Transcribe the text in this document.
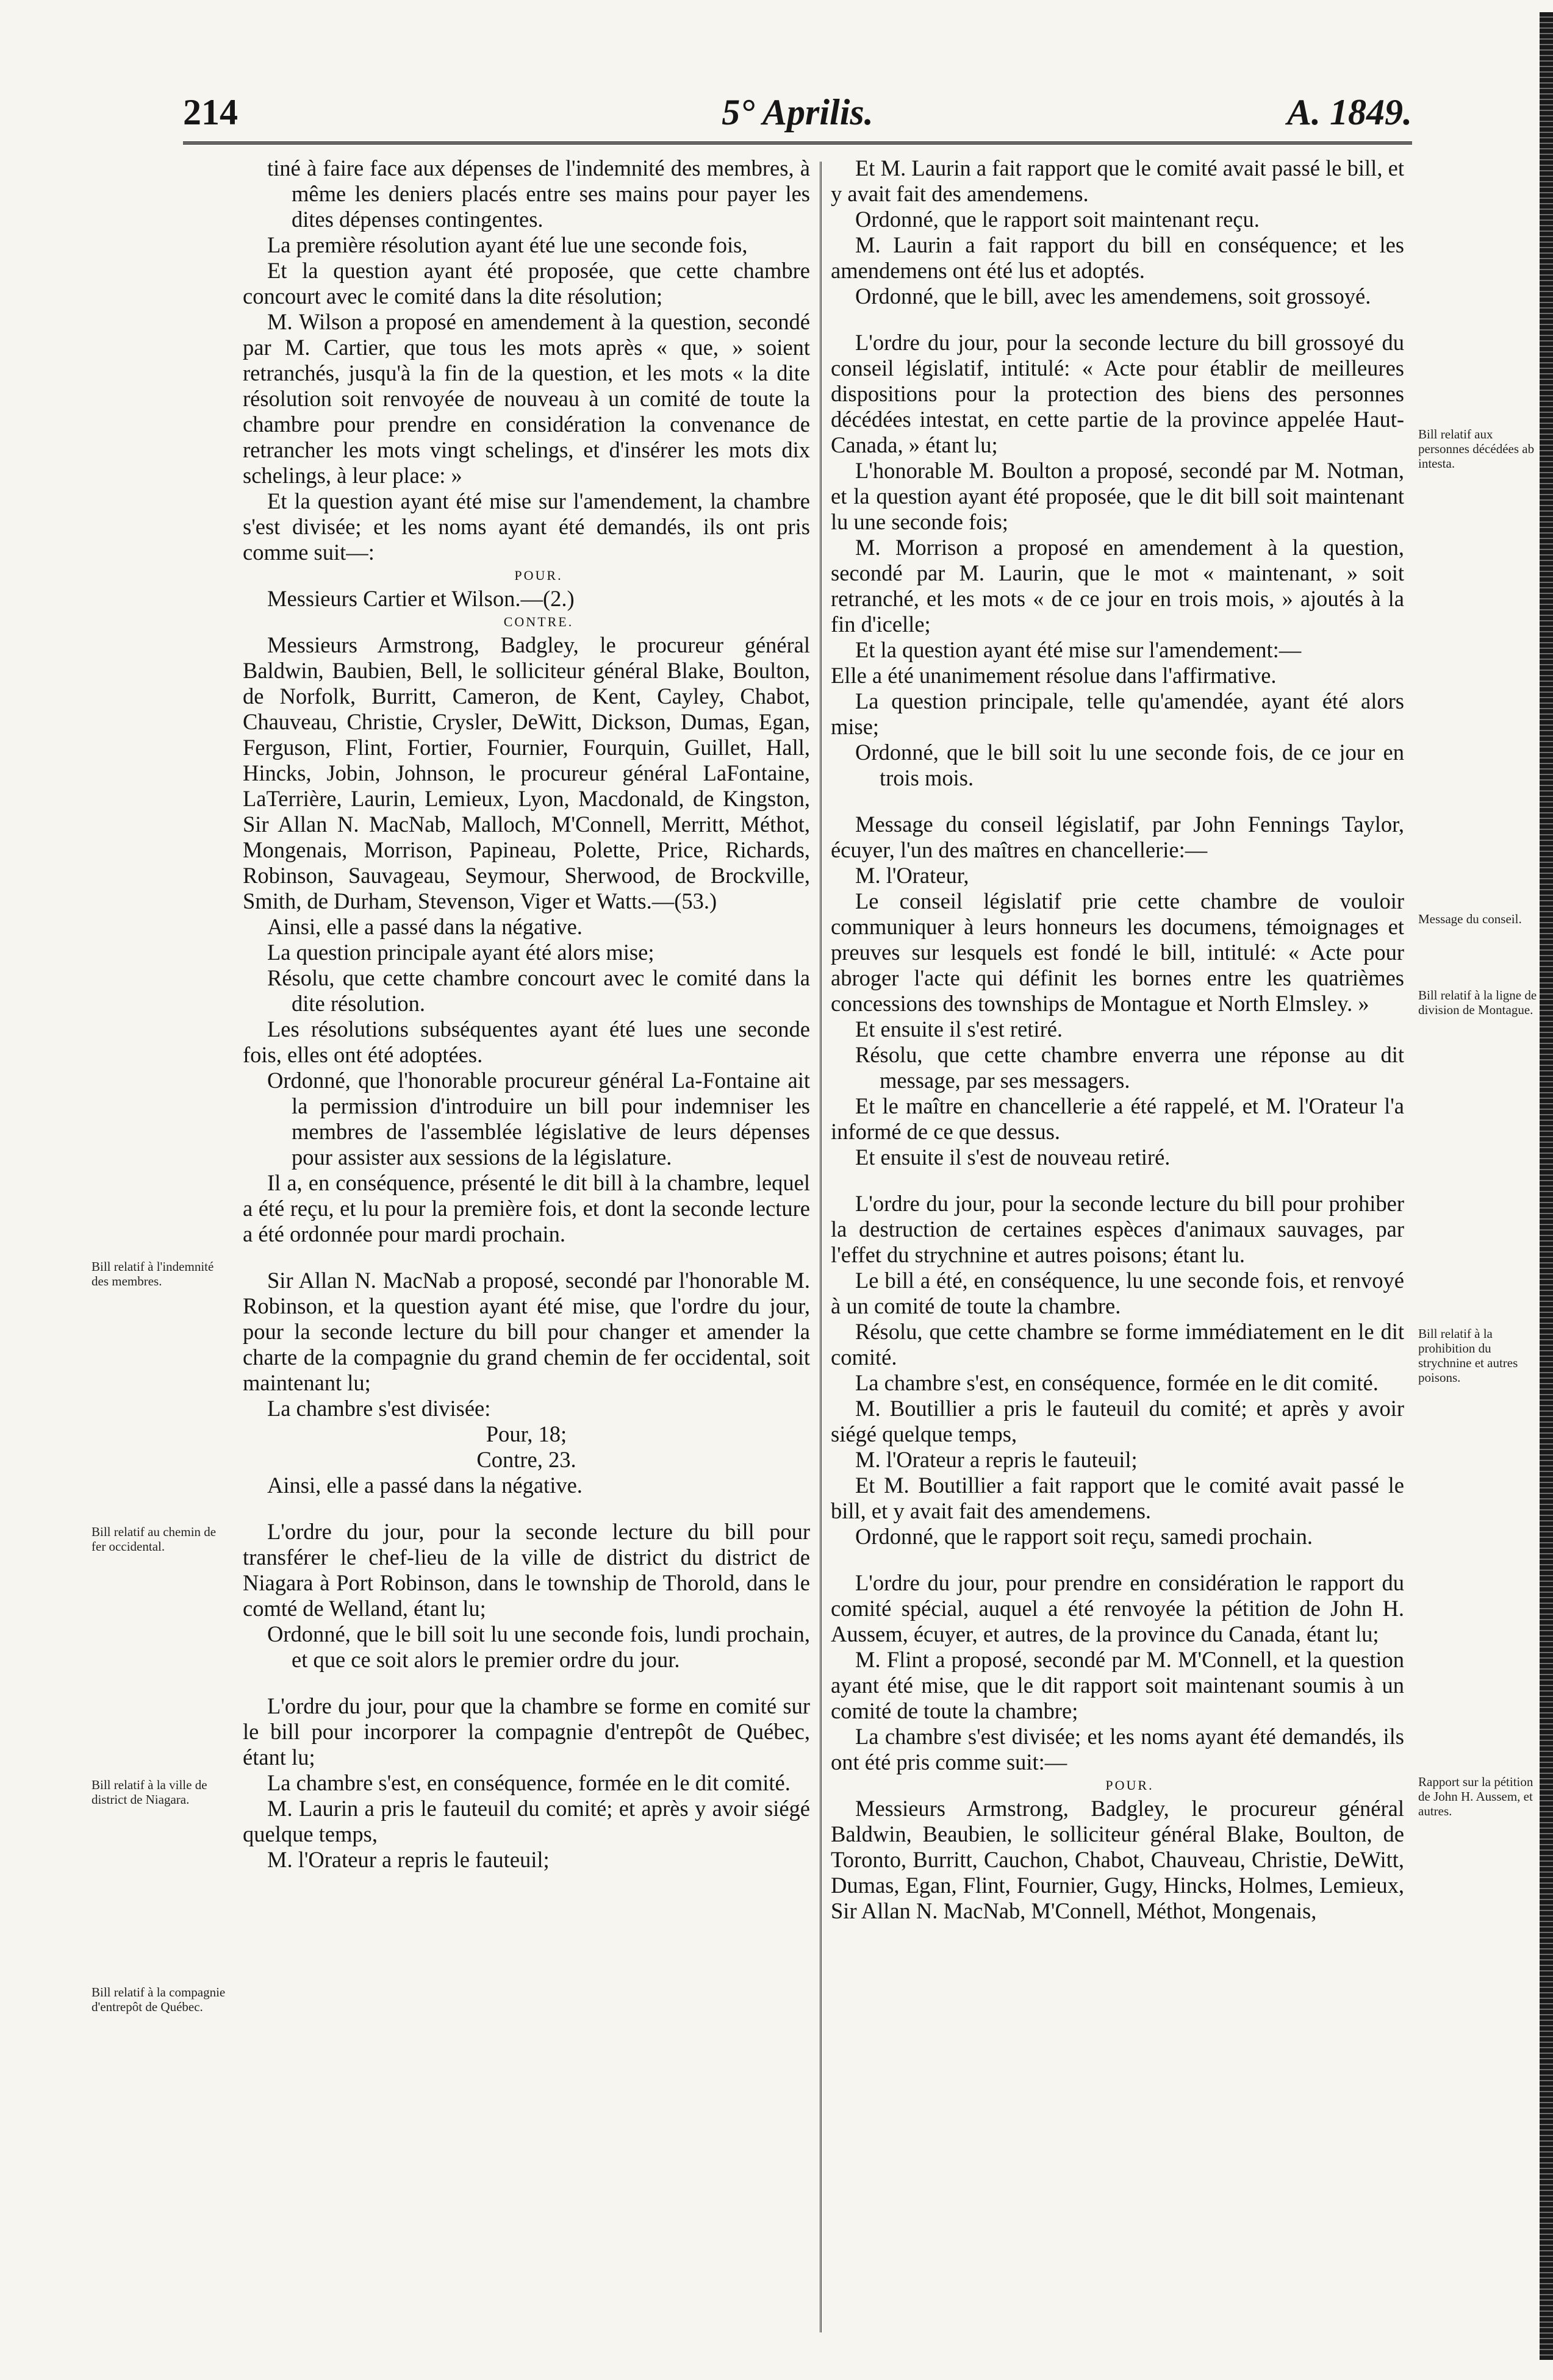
214	5° Aprilis.	A. 1849.
Bill relatif à l'indemnité des membres.
Bill relatif au chemin de fer occidental.
Bill relatif à la ville de district de Niagara.
Bill relatif à la compagnie d'entrepôt de Québec.
Bill relatif aux personnes décédées ab intesta.
Message du conseil.
Bill relatif à la ligne de division de Montague.
Bill relatif à la prohibition du strychnine et autres poisons.
Rapport sur la pétition de John H. Aussem, et autres.

tiné à faire face aux dépenses de l'indemnité des membres, à même les deniers placés entre ses mains pour payer les dites dépenses contingentes.

La première résolution ayant été lue une seconde fois,

Et la question ayant été proposée, que cette chambre concourt avec le comité dans la dite résolution;

M. Wilson a proposé en amendement à la question, secondé par M. Cartier, que tous les mots après « que, » soient retranchés, jusqu'à la fin de la question, et les mots « la dite résolution soit renvoyée de nouveau à un comité de toute la chambre pour prendre en considération la convenance de retrancher les mots vingt schelings, et d'insérer les mots dix schelings, à leur place: »

Et la question ayant été mise sur l'amendement, la chambre s'est divisée; et les noms ayant été demandés, ils ont pris comme suit—:

POUR.

Messieurs Cartier et Wilson.—(2.)

CONTRE.

Messieurs Armstrong, Badgley, le procureur général Baldwin, Baubien, Bell, le solliciteur général Blake, Boulton, de Norfolk, Burritt, Cameron, de Kent, Cayley, Chabot, Chauveau, Christie, Crysler, DeWitt, Dickson, Dumas, Egan, Ferguson, Flint, Fortier, Fournier, Fourquin, Guillet, Hall, Hincks, Jobin, Johnson, le procureur général LaFontaine, LaTerrière, Laurin, Lemieux, Lyon, Macdonald, de Kingston, Sir Allan N. MacNab, Malloch, M'Connell, Merritt, Méthot, Mongenais, Morrison, Papineau, Polette, Price, Richards, Robinson, Sauvageau, Seymour, Sherwood, de Brockville, Smith, de Durham, Stevenson, Viger et Watts.—(53.)

Ainsi, elle a passé dans la négative.

La question principale ayant été alors mise;

Résolu, que cette chambre concourt avec le comité dans la dite résolution.

Les résolutions subséquentes ayant été lues une seconde fois, elles ont été adoptées.

Ordonné, que l'honorable procureur général La-Fontaine ait la permission d'introduire un bill pour indemniser les membres de l'assemblée législative de leurs dépenses pour assister aux sessions de la législature.

Il a, en conséquence, présenté le dit bill à la chambre, lequel a été reçu, et lu pour la première fois, et dont la seconde lecture a été ordonnée pour mardi prochain.

Sir Allan N. MacNab a proposé, secondé par l'honorable M. Robinson, et la question ayant été mise, que l'ordre du jour, pour la seconde lecture du bill pour changer et amender la charte de la compagnie du grand chemin de fer occidental, soit maintenant lu;

La chambre s'est divisée:

Pour, 18;

Contre, 23.

Ainsi, elle a passé dans la négative.

L'ordre du jour, pour la seconde lecture du bill pour transférer le chef-lieu de la ville de district du district de Niagara à Port Robinson, dans le township de Thorold, dans le comté de Welland, étant lu;

Ordonné, que le bill soit lu une seconde fois, lundi prochain, et que ce soit alors le premier ordre du jour.

L'ordre du jour, pour que la chambre se forme en comité sur le bill pour incorporer la compagnie d'entrepôt de Québec, étant lu;

La chambre s'est, en conséquence, formée en le dit comité.

M. Laurin a pris le fauteuil du comité; et après y avoir siégé quelque temps,

M. l'Orateur a repris le fauteuil;

Et M. Laurin a fait rapport que le comité avait passé le bill, et y avait fait des amendemens.

Ordonné, que le rapport soit maintenant reçu.

M. Laurin a fait rapport du bill en conséquence; et les amendemens ont été lus et adoptés.

Ordonné, que le bill, avec les amendemens, soit grossoyé.

L'ordre du jour, pour la seconde lecture du bill grossoyé du conseil législatif, intitulé: « Acte pour établir de meilleures dispositions pour la protection des biens des personnes décédées intestat, en cette partie de la province appelée Haut-Canada, » étant lu;

L'honorable M. Boulton a proposé, secondé par M. Notman, et la question ayant été proposée, que le dit bill soit maintenant lu une seconde fois;

M. Morrison a proposé en amendement à la question, secondé par M. Laurin, que le mot « maintenant, » soit retranché, et les mots « de ce jour en trois mois, » ajoutés à la fin d'icelle;

Et la question ayant été mise sur l'amendement:—

Elle a été unanimement résolue dans l'affirmative.

La question principale, telle qu'amendée, ayant été alors mise;

Ordonné, que le bill soit lu une seconde fois, de ce jour en trois mois.

Message du conseil législatif, par John Fennings Taylor, écuyer, l'un des maîtres en chancellerie:—

M. l'Orateur,

Le conseil législatif prie cette chambre de vouloir communiquer à leurs honneurs les documens, témoignages et preuves sur lesquels est fondé le bill, intitulé: « Acte pour abroger l'acte qui définit les bornes entre les quatrièmes concessions des townships de Montague et North Elmsley. »

Et ensuite il s'est retiré.

Résolu, que cette chambre enverra une réponse au dit message, par ses messagers.

Et le maître en chancellerie a été rappelé, et M. l'Orateur l'a informé de ce que dessus.

Et ensuite il s'est de nouveau retiré.

L'ordre du jour, pour la seconde lecture du bill pour prohiber la destruction de certaines espèces d'animaux sauvages, par l'effet du strychnine et autres poisons; étant lu.

Le bill a été, en conséquence, lu une seconde fois, et renvoyé à un comité de toute la chambre.

Résolu, que cette chambre se forme immédiatement en le dit comité.

La chambre s'est, en conséquence, formée en le dit comité.

M. Boutillier a pris le fauteuil du comité; et après y avoir siégé quelque temps,

M. l'Orateur a repris le fauteuil;

Et M. Boutillier a fait rapport que le comité avait passé le bill, et y avait fait des amendemens.

Ordonné, que le rapport soit reçu, samedi prochain.

L'ordre du jour, pour prendre en considération le rapport du comité spécial, auquel a été renvoyée la pétition de John H. Aussem, écuyer, et autres, de la province du Canada, étant lu;

M. Flint a proposé, secondé par M. M'Connell, et la question ayant été mise, que le dit rapport soit maintenant soumis à un comité de toute la chambre;

La chambre s'est divisée; et les noms ayant été demandés, ils ont été pris comme suit:—

POUR.

Messieurs Armstrong, Badgley, le procureur général Baldwin, Beaubien, le solliciteur général Blake, Boulton, de Toronto, Burritt, Cauchon, Chabot, Chauveau, Christie, DeWitt, Dumas, Egan, Flint, Fournier, Gugy, Hincks, Holmes, Lemieux, Sir Allan N. MacNab, M'Connell, Méthot, Mongenais,
